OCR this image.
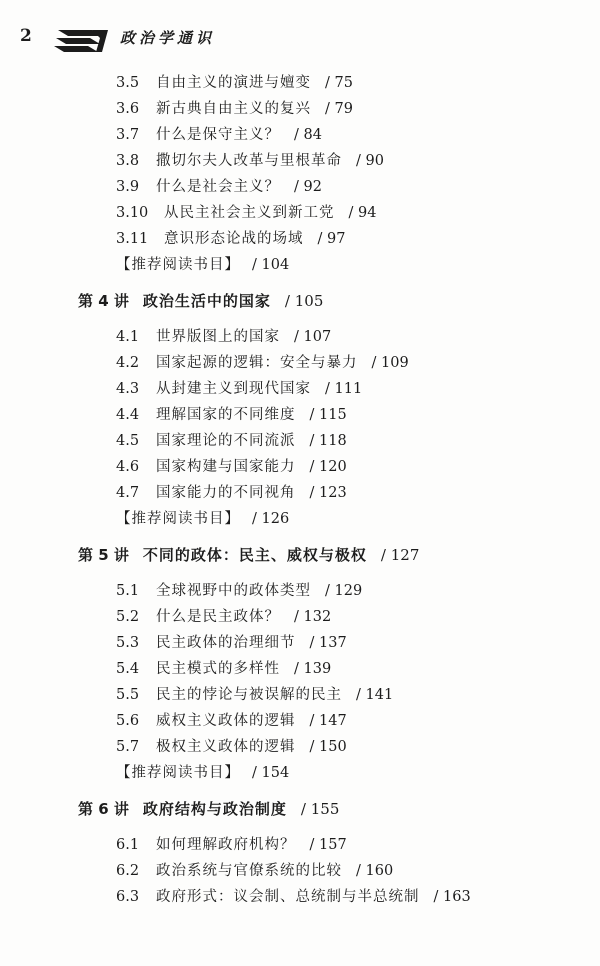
2	政治学通识
3.5 自由主义的演进与嬗变 / 75
3.6 新古典自由主义的复兴 / 79
3.7 什么是保守主义？ / 84
3.8 撒切尔夫人改革与里根革命 / 90
3.9 什么是社会主义？ / 92
3.10 从民主社会主义到新工党 / 94
3.11 意识形态论战的场域 / 97
【推荐阅读书目】 / 104
第 4 讲 政治生活中的国家 / 105
4.1 世界版图上的国家 / 107
4.2 国家起源的逻辑：安全与暴力 / 109
4.3 从封建主义到现代国家 / 111
4.4 理解国家的不同维度 / 115
4.5 国家理论的不同流派 / 118
4.6 国家构建与国家能力 / 120
4.7 国家能力的不同视角 / 123
【推荐阅读书目】 / 126
第 5 讲 不同的政体：民主、威权与极权 / 127
5.1 全球视野中的政体类型 / 129
5.2 什么是民主政体？ / 132
5.3 民主政体的治理细节 / 137
5.4 民主模式的多样性 / 139
5.5 民主的悖论与被误解的民主 / 141
5.6 威权主义政体的逻辑 / 147
5.7 极权主义政体的逻辑 / 150
【推荐阅读书目】 / 154
第 6 讲 政府结构与政治制度 / 155
6.1 如何理解政府机构？ / 157
6.2 政治系统与官僚系统的比较 / 160
6.3 政府形式：议会制、总统制与半总统制 / 163
